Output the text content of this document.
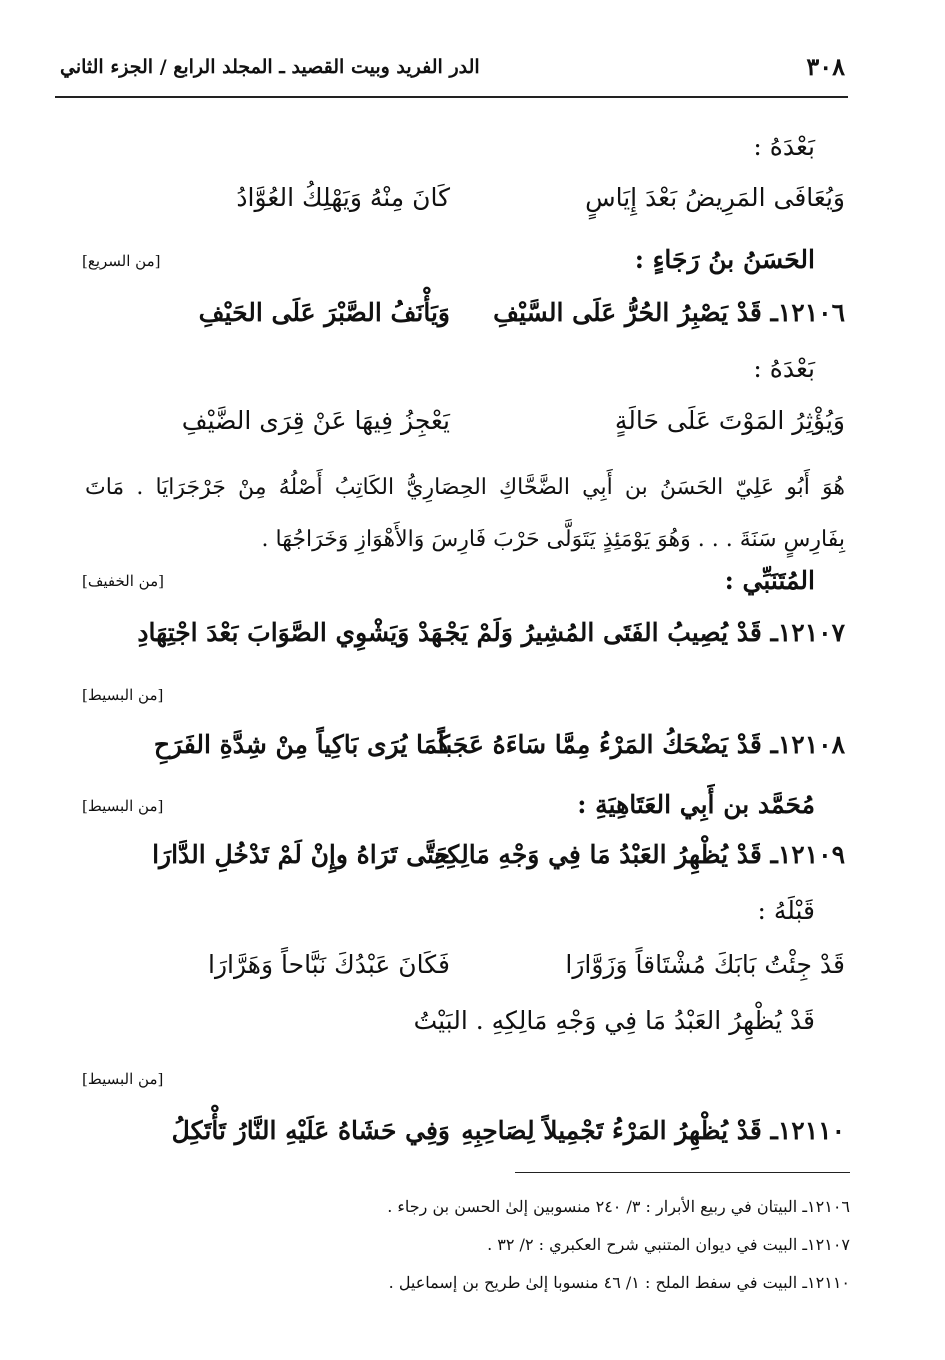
٣٠٨
الدر الفريد وبيت القصيد ـ المجلد الرابع / الجزء الثاني
بَعْدَهُ :
وَيُعَافَى المَرِيضُ بَعْدَ إِيَاسٍ
كَانَ مِنْهُ وَيَهْلِكُ العُوَّادُ
[من السريع]	الحَسَنُ بنُ رَجَاءٍ :
١٢١٠٦ـ قَدْ يَصْبِرُ الحُرُّ عَلَى السَّيْفِ
وَيَأْنَفُ الصَّبْرَ عَلَى الحَيْفِ
بَعْدَهُ :
وَيُؤْثِرُ المَوْتَ عَلَى حَالَةٍ
يَعْجِزُ فِيهَا عَنْ قِرَى الضَّيْفِ
هُوَ أَبُو عَلِيّ الحَسَنُ بن أَبِي الضَّحَّاكِ الحِصَارِيُّ الكَاتِبُ أَصْلُهُ مِنْ جَرْجَرَايَا . مَاتَ بِفَارِسٍ سَنَةَ . . . وَهُوَ يَوْمَئِذٍ يَتَوَلَّى حَرْبَ فَارِسَ وَالأَهْوَازِ وَخَرَاجُهَا .
[من الخفيف]	المُتَنَبِّي :
١٢١٠٧ـ قَدْ يُصِيبُ الفَتَى المُشِيرُ وَلَمْ يَجْـ
ـهَدْ وَيَشْوِي الصَّوَابَ بَعْدَ اجْتِهَادِ
[من البسيط]
١٢١٠٨ـ قَدْ يَضْحَكُ المَرْءُ مِمَّا سَاءَهُ عَجَباً
كَمَا يُرَى بَاكِياً مِنْ شِدَّةِ الفَرَحِ
[من البسيط]	مُحَمَّد بن أَبِي العَتَاهِيَةِ :
١٢١٠٩ـ قَدْ يُظْهِرُ العَبْدُ مَا فِي وَجْهِ مَالِكِهِ
حَتَّى تَرَاهُ وإِنْ لَمْ تَدْخُلِ الدَّارَا
قَبْلَهُ :
قَدْ جِئْتُ بَابَكَ مُشْتَاقاً وَزَوَّارَا
فَكَانَ عَبْدُكَ نَبَّاحاً وَهَرَّارَا
قَدْ يُظْهِرُ العَبْدُ مَا فِي وَجْهِ مَالِكِهِ . البَيْتُ
[من البسيط]
١٢١١٠ـ قَدْ يُظْهِرُ المَرْءُ تَجْمِيلاً لِصَاحِبِهِ
وَفِي حَشَاهُ عَلَيْهِ النَّارُ تَأْتَكِلُ
١٢١٠٦ـ البيتان في ربيع الأبرار : ٣/ ٢٤٠ منسوبين إلىٰ الحسن بن رجاء .
١٢١٠٧ـ البيت في ديوان المتنبي شرح العكبري : ٢/ ٣٢ .
١٢١١٠ـ البيت في سفط الملح : ١/ ٤٦ منسوبا إلىٰ طريح بن إسماعيل .
